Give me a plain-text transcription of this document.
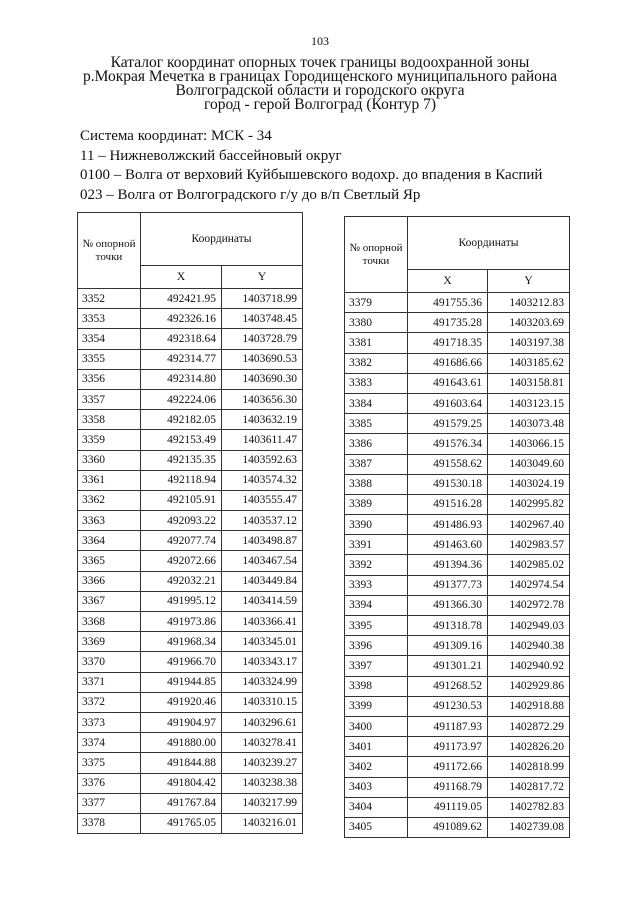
103
Каталог координат опорных точек границы водоохранной зоны
р.Мокрая Мечетка в границах Городищенского муниципального района
Волгоградской области и городского округа
город - герой Волгоград (Контур 7)
Система координат: МСК - 34
11 – Нижневолжский бассейновый округ
0100 – Волга от верховий Куйбышевского водохр. до впадения в Каспий
023 – Волга от Волгоградского г/у до в/п Светлый Яр
№ опорной точки	Координаты	
	X	Y
3352	492421.95	1403718.99
3353	492326.16	1403748.45
3354	492318.64	1403728.79
3355	492314.77	1403690.53
3356	492314.80	1403690.30
3357	492224.06	1403656.30
3358	492182.05	1403632.19
3359	492153.49	1403611.47
3360	492135.35	1403592.63
3361	492118.94	1403574.32
3362	492105.91	1403555.47
3363	492093.22	1403537.12
3364	492077.74	1403498.87
3365	492072.66	1403467.54
3366	492032.21	1403449.84
3367	491995.12	1403414.59
3368	491973.86	1403366.41
3369	491968.34	1403345.01
3370	491966.70	1403343.17
3371	491944.85	1403324.99
3372	491920.46	1403310.15
3373	491904.97	1403296.61
3374	491880.00	1403278.41
3375	491844.88	1403239.27
3376	491804.42	1403238.38
3377	491767.84	1403217.99
3378	491765.05	1403216.01
№ опорной точки	Координаты	
	X	Y
3379	491755.36	1403212.83
3380	491735.28	1403203.69
3381	491718.35	1403197.38
3382	491686.66	1403185.62
3383	491643.61	1403158.81
3384	491603.64	1403123.15
3385	491579.25	1403073.48
3386	491576.34	1403066.15
3387	491558.62	1403049.60
3388	491530.18	1403024.19
3389	491516.28	1402995.82
3390	491486.93	1402967.40
3391	491463.60	1402983.57
3392	491394.36	1402985.02
3393	491377.73	1402974.54
3394	491366.30	1402972.78
3395	491318.78	1402949.03
3396	491309.16	1402940.38
3397	491301.21	1402940.92
3398	491268.52	1402929.86
3399	491230.53	1402918.88
3400	491187.93	1402872.29
3401	491173.97	1402826.20
3402	491172.66	1402818.99
3403	491168.79	1402817.72
3404	491119.05	1402782.83
3405	491089.62	1402739.08
